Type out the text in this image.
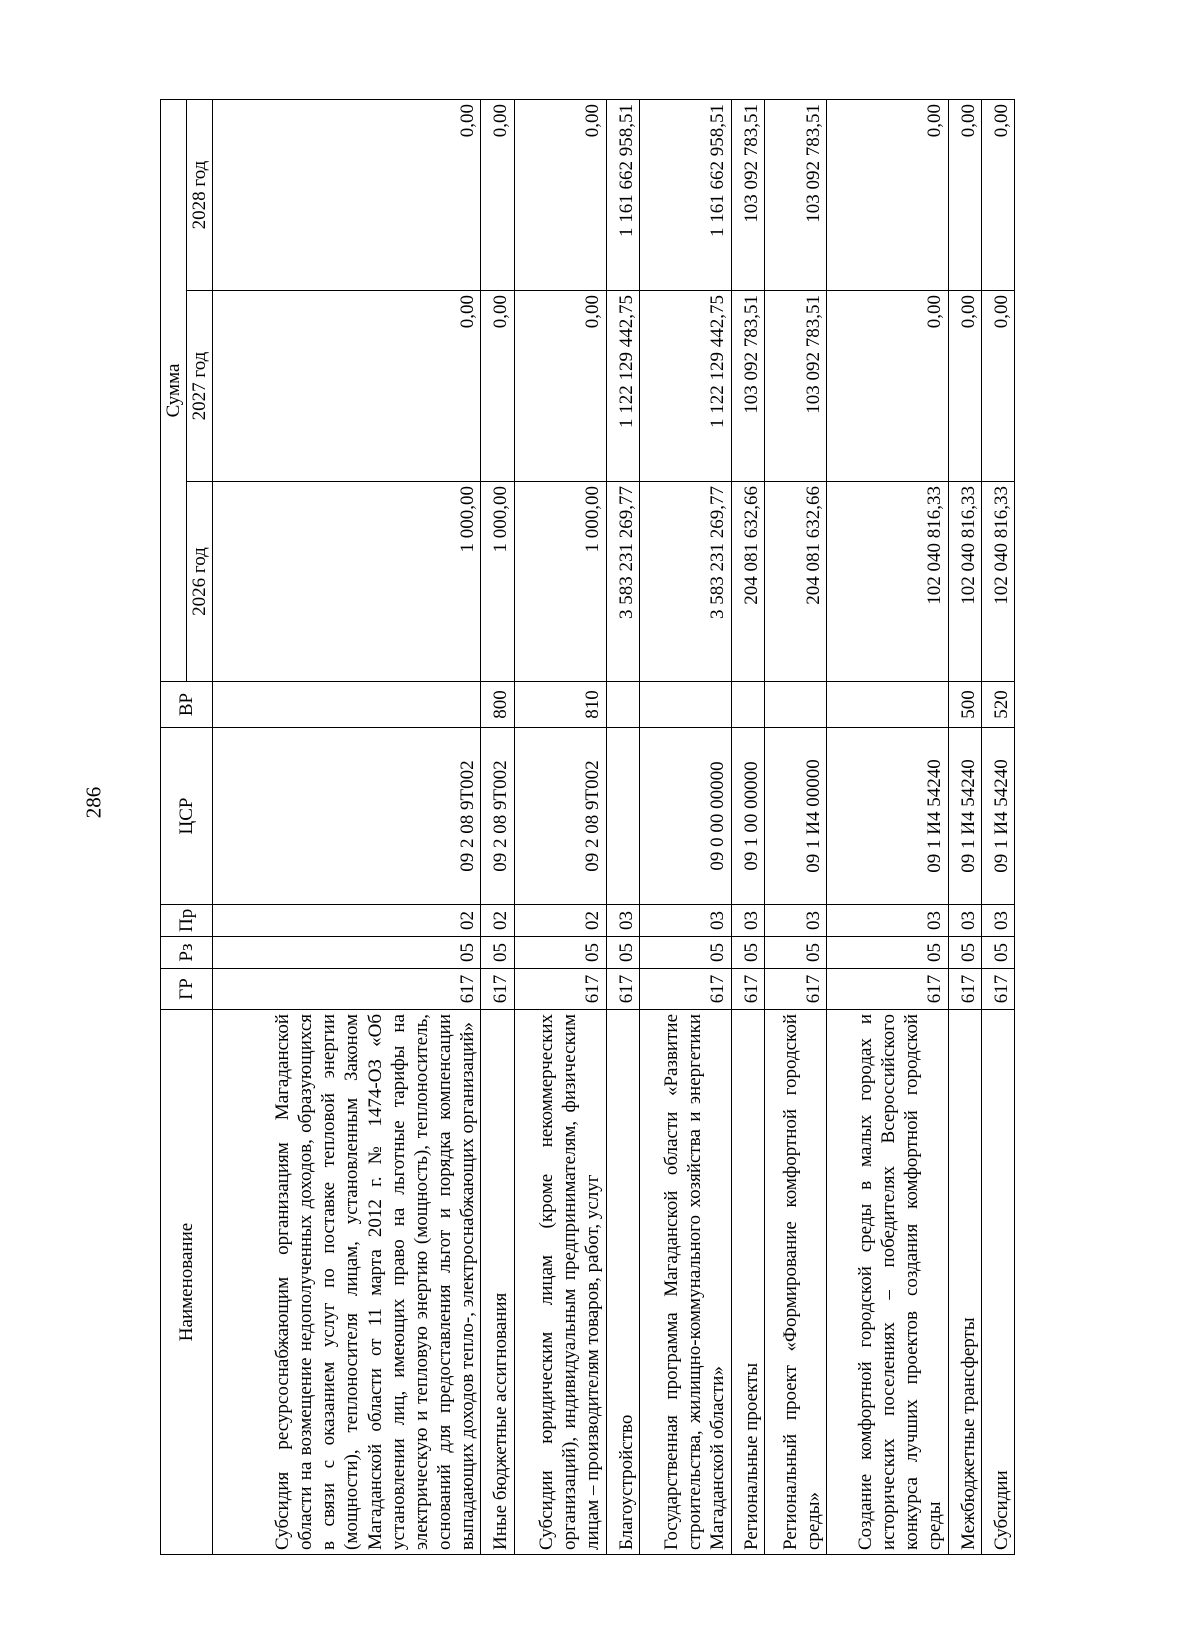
286
Наименование	ГР	Рз	Пр	ЦСР	ВР	Сумма		
						2026 год	2027 год	2028 год
Субсидия ресурсоснабжающим организациям Магаданской области на возмещение недополученных доходов, образующихся в связи с оказанием услуг по поставке тепловой энергии (мощности), теплоносителя лицам, установленным Законом Магаданской области от 11 марта 2012 г. № 1474-ОЗ «Об установлении лиц, имеющих право на льготные тарифы на электрическую и тепловую энергию (мощность), теплоноситель, оснований для предоставления льгот и порядка компенсации выпадающих доходов тепло-, электроснабжающих организаций»	617	05	02	09 2 08 9Т002		1 000,00	0,00	0,00
Иные бюджетные ассигнования	617	05	02	09 2 08 9Т002	800	1 000,00	0,00	0,00
Субсидии юридическим лицам (кроме некоммерческих организаций), индивидуальным предпринимателям, физическим лицам – производителям товаров, работ, услуг	617	05	02	09 2 08 9Т002	810	1 000,00	0,00	0,00
Благоустройство	617	05	03			3 583 231 269,77	1 122 129 442,75	1 161 662 958,51
Государственная программа Магаданской области «Развитие строительства, жилищно-коммунального хозяйства и энергетики Магаданской области»	617	05	03	09 0 00 00000		3 583 231 269,77	1 122 129 442,75	1 161 662 958,51
Региональные проекты	617	05	03	09 1 00 00000		204 081 632,66	103 092 783,51	103 092 783,51
Региональный проект «Формирование комфортной городской среды»	617	05	03	09 1 И4 00000		204 081 632,66	103 092 783,51	103 092 783,51
Создание комфортной городской среды в малых городах и исторических поселениях – победителях Всероссийского конкурса лучших проектов создания комфортной городской среды	617	05	03	09 1 И4 54240		102 040 816,33	0,00	0,00
Межбюджетные трансферты	617	05	03	09 1 И4 54240	500	102 040 816,33	0,00	0,00
Субсидии	617	05	03	09 1 И4 54240	520	102 040 816,33	0,00	0,00
